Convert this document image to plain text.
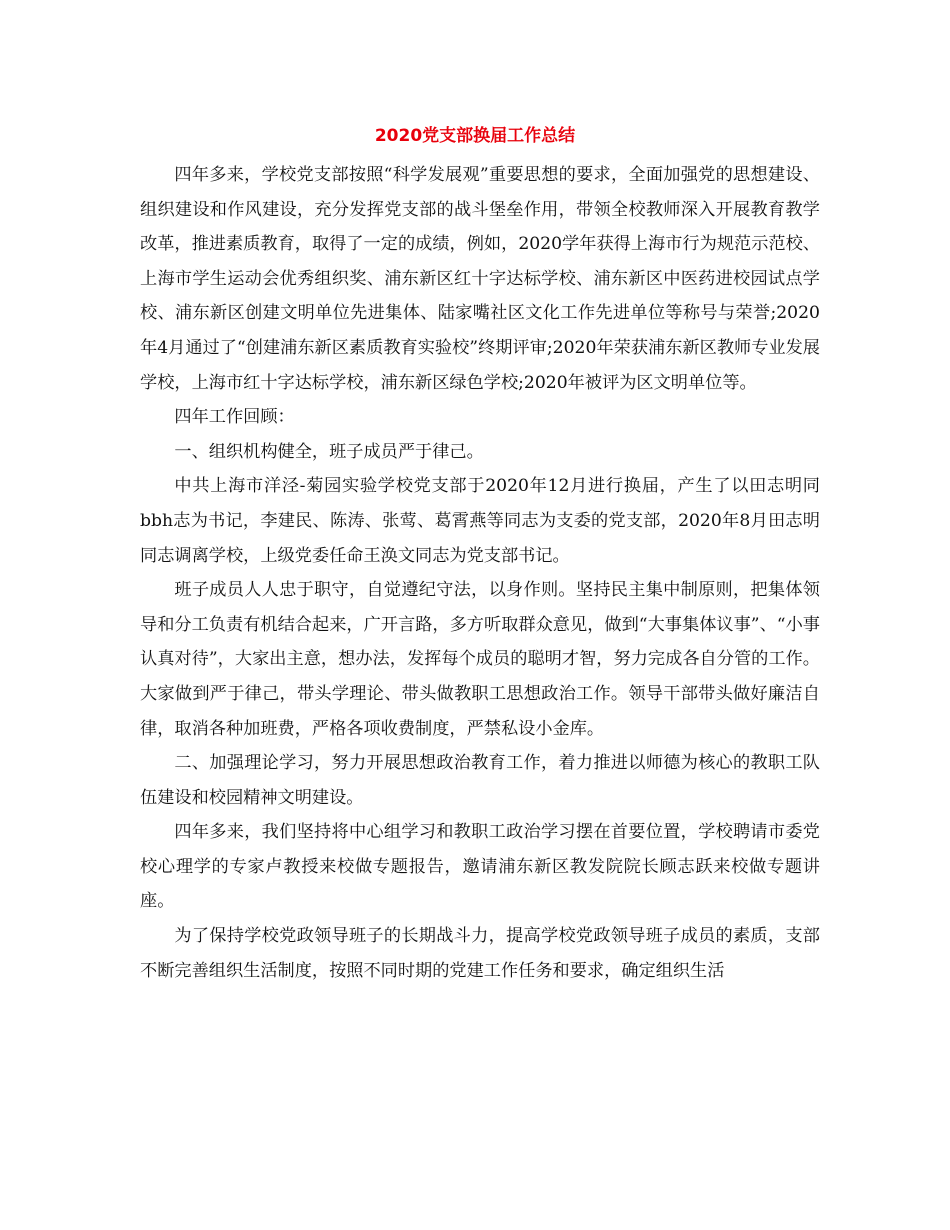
2020党支部换届工作总结

四年多来，学校党支部按照“科学发展观”重要思想的要求，全面加强党的思想建设、组织建设和作风建设，充分发挥党支部的战斗堡垒作用，带领全校教师深入开展教育教学改革，推进素质教育，取得了一定的成绩，例如，2020学年获得上海市行为规范示范校、上海市学生运动会优秀组织奖、浦东新区红十字达标学校、浦东新区中医药进校园试点学校、浦东新区创建文明单位先进集体、陆家嘴社区文化工作先进单位等称号与荣誉;2020年4月通过了“创建浦东新区素质教育实验校”终期评审;2020年荣获浦东新区教师专业发展学校，上海市红十字达标学校，浦东新区绿色学校;2020年被评为区文明单位等。

四年工作回顾：

一、组织机构健全，班子成员严于律己。

中共上海市洋泾-菊园实验学校党支部于2020年12月进行换届，产生了以田志明同bbh志为书记，李建民、陈涛、张莺、葛霄燕等同志为支委的党支部，2020年8月田志明同志调离学校，上级党委任命王涣文同志为党支部书记。

班子成员人人忠于职守，自觉遵纪守法，以身作则。坚持民主集中制原则，把集体领导和分工负责有机结合起来，广开言路，多方听取群众意见，做到“大事集体议事”、“小事认真对待”，大家出主意，想办法，发挥每个成员的聪明才智，努力完成各自分管的工作。大家做到严于律己，带头学理论、带头做教职工思想政治工作。领导干部带头做好廉洁自律，取消各种加班费，严格各项收费制度，严禁私设小金库。

二、加强理论学习，努力开展思想政治教育工作，着力推进以师德为核心的教职工队伍建设和校园精神文明建设。

四年多来，我们坚持将中心组学习和教职工政治学习摆在首要位置，学校聘请市委党校心理学的专家卢教授来校做专题报告，邀请浦东新区教发院院长顾志跃来校做专题讲座。

为了保持学校党政领导班子的长期战斗力，提高学校党政领导班子成员的素质，支部不断完善组织生活制度，按照不同时期的党建工作任务和要求，确定组织生活
